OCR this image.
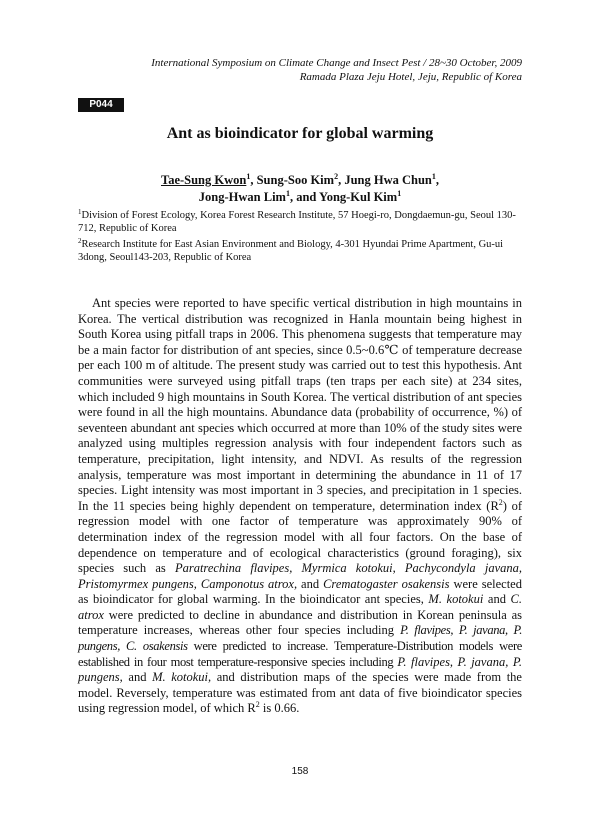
International Symposium on Climate Change and Insect Pest / 28~30 October, 2009
Ramada Plaza Jeju Hotel, Jeju, Republic of Korea
P044
Ant as bioindicator for global warming
Tae-Sung Kwon$^1$, Sung-Soo Kim$^2$, Jung Hwa Chun$^1$,
Jong-Hwan Lim$^1$, and Yong-Kul Kim$^1$

$^1$Division of Forest Ecology, Korea Forest Research Institute, 57 Hoegi-ro, Dongdaemun-gu, Seoul 130-712, Republic of Korea

$^2$Research Institute for East Asian Environment and Biology, 4-301 Hyundai Prime Apartment, Gu-ui 3dong, Seoul143-203, Republic of Korea

Ant species were reported to have specific vertical distribution in high mountains in Korea. The vertical distribution was recognized in Hanla mountain being highest in South Korea using pitfall traps in 2006. This phenomena suggests that temperature may be a main factor for distribution of ant species, since 0.5~0.6℃ of temperature decrease per each 100 m of altitude. The present study was carried out to test this hypothesis. Ant communities were surveyed using pitfall traps (ten traps per each site) at 234 sites, which included 9 high mountains in South Korea. The vertical distribution of ant species were found in all the high mountains. Abundance data (probability of occurrence, %) of seventeen abundant ant species which occurred at more than 10% of the study sites were analyzed using multiples regression analysis with four independent factors such as temperature, precipitation, light intensity, and NDVI. As results of the regression analysis, temperature was most important in determining the abundance in 11 of 17 species. Light intensity was most important in 3 species, and precipitation in 1 species. In the 11 species being highly dependent on temperature, determination index $(R^2)$ of regression model with one factor of temperature was approximately 90% of determination index of the regression model with all four factors. On the base of dependence on temperature and of ecological characteristics (ground foraging), six species such as Paratrechina flavipes, Myrmica kotokui, Pachycondyla javana, Pristomyrmex pungens, Camponotus atrox, and Crematogaster osakensis were selected as bioindicator for global warming. In the bioindicator ant species, M. kotokui and C. atrox were predicted to decline in abundance and distribution in Korean peninsula as temperature increases, whereas other four species including P. flavipes, P. javana, P. pungens, C. osakensis were predicted to increase. Temperature-Distribution models were established in four most temperature-responsive species including P. flavipes, P. javana, P. pungens, and M. kotokui, and distribution maps of the species were made from the model. Reversely, temperature was estimated from ant data of five bioindicator species using regression model, of which $R^2$ is 0.66.

158
